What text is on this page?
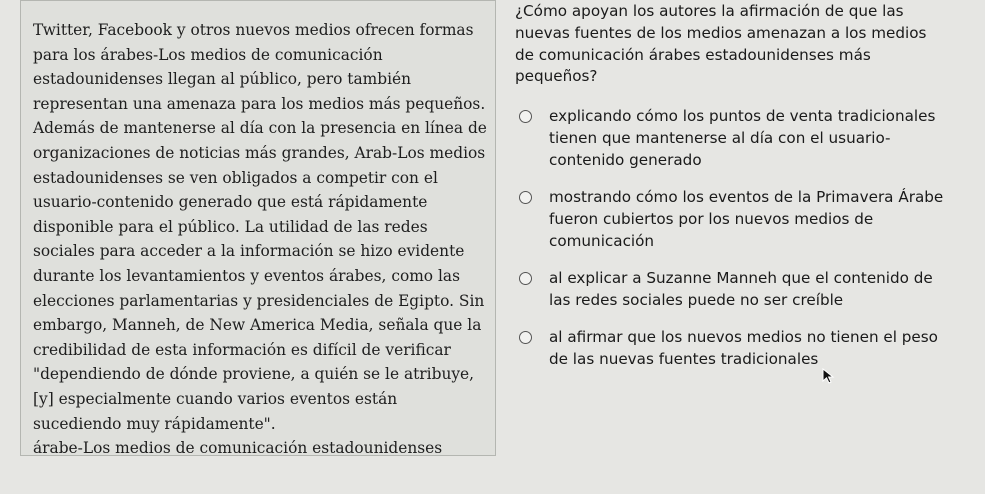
Twitter, Facebook y otros nuevos medios ofrecen formas
para los árabes-Los medios de comunicación
estadounidenses llegan al público, pero también
representan una amenaza para los medios más pequeños.
Además de mantenerse al día con la presencia en línea de
organizaciones de noticias más grandes, Arab-Los medios
estadounidenses se ven obligados a competir con el
usuario-contenido generado que está rápidamente
disponible para el público. La utilidad de las redes
sociales para acceder a la información se hizo evidente
durante los levantamientos y eventos árabes, como las
elecciones parlamentarias y presidenciales de Egipto. Sin
embargo, Manneh, de New America Media, señala que la
credibilidad de esta información es difícil de verificar
"dependiendo de dónde proviene, a quién se le atribuye,
[y] especialmente cuando varios eventos están
sucediendo muy rápidamente".
árabe-Los medios de comunicación estadounidenses

¿Cómo apoyan los autores la afirmación de que las
nuevas fuentes de los medios amenazan a los medios
de comunicación árabes estadounidenses más
pequeños?

explicando cómo los puntos de venta tradicionales
tienen que mantenerse al día con el usuario-
contenido generado

mostrando cómo los eventos de la Primavera Árabe
fueron cubiertos por los nuevos medios de
comunicación

al explicar a Suzanne Manneh que el contenido de
las redes sociales puede no ser creíble

al afirmar que los nuevos medios no tienen el peso
de las nuevas fuentes tradicionales
